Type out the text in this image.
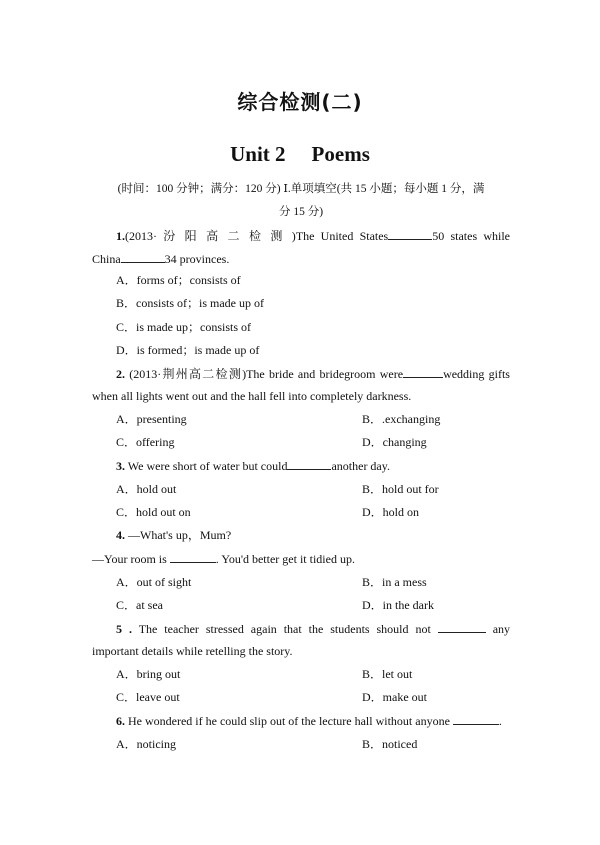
综合检测(二)
Unit 2 Poems
(时间：100 分钟；满分：120 分) Ⅰ.单项填空(共 15 小题；每小题 1 分，满
分 15 分)
1.(2013· 汾 阳 高 二 检 测 )The United States	50 states while
China	34 provinces.
A．forms of；consists of
B．consists of；is made up of
C．is made up；consists of
D．is formed；is made up of
2. (2013·荆州高二检测)The bride and bridegroom were	wedding gifts
when all lights went out and the hall fell into completely darkness.
A．presenting	B．.exchanging
C．offering	D．changing
3. We were short of water but could	another day.
A．hold out	B．hold out for
C．hold out on	D．hold on
4. —What's up，Mum?
—Your room is	. You'd better get it tidied up.
A．out of sight	B．in a mess
C．at sea	D．in the dark
5 . The teacher stressed again that the students should not	any
important details while retelling the story.
A．bring out	B．let out
C．leave out	D．make out
6. He wondered if he could slip out of the lecture hall without anyone	.
A．noticing	B．noticed
